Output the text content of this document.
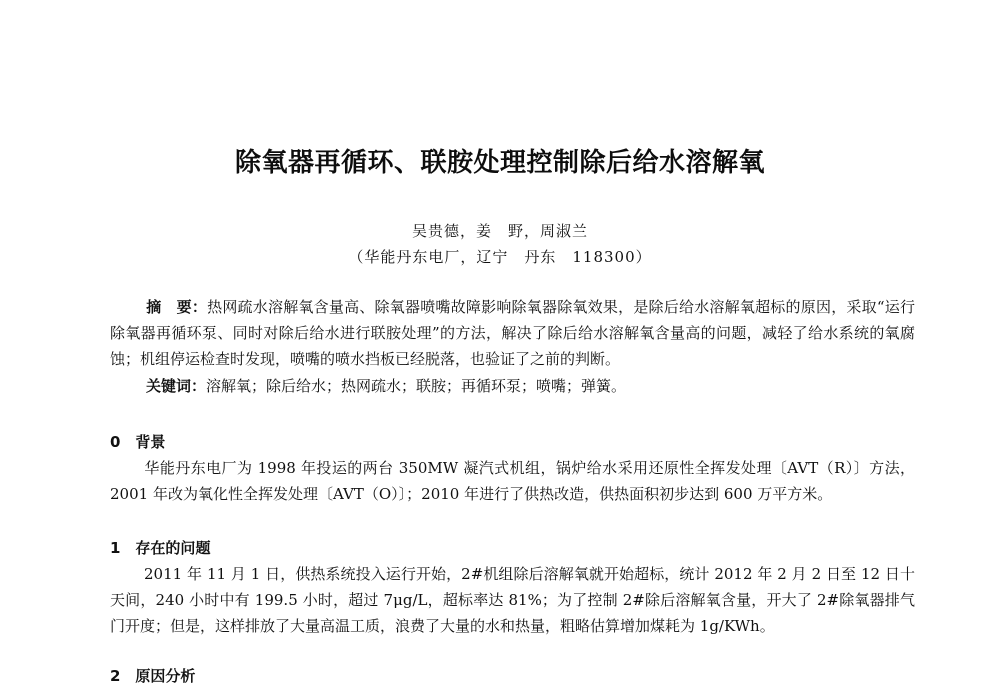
除氧器再循环、联胺处理控制除后给水溶解氧
吴贵德，姜　野，周淑兰
（华能丹东电厂，辽宁　丹东　118300）
摘　要：热网疏水溶解氧含量高、除氧器喷嘴故障影响除氧器除氧效果，是除后给水溶解氧超标的原因，采取“运行除氧器再循环泵、同时对除后给水进行联胺处理”的方法，解决了除后给水溶解氧含量高的问题，减轻了给水系统的氧腐蚀；机组停运检查时发现，喷嘴的喷水挡板已经脱落，也验证了之前的判断。
关键词：溶解氧；除后给水；热网疏水；联胺；再循环泵；喷嘴；弹簧。
0　背景
华能丹东电厂为 1998 年投运的两台 350MW 凝汽式机组，锅炉给水采用还原性全挥发处理〔AVT（R）〕方法，2001 年改为氧化性全挥发处理〔AVT（O）〕；2010 年进行了供热改造，供热面积初步达到 600 万平方米。
1　存在的问题
2011 年 11 月 1 日，供热系统投入运行开始，2#机组除后溶解氧就开始超标，统计 2012 年 2 月 2 日至 12 日十天间，240 小时中有 199.5 小时，超过 7μg/L，超标率达 81%；为了控制 2#除后溶解氧含量，开大了 2#除氧器排气门开度；但是，这样排放了大量高温工质，浪费了大量的水和热量，粗略估算增加煤耗为 1g/KWh。
2　原因分析
